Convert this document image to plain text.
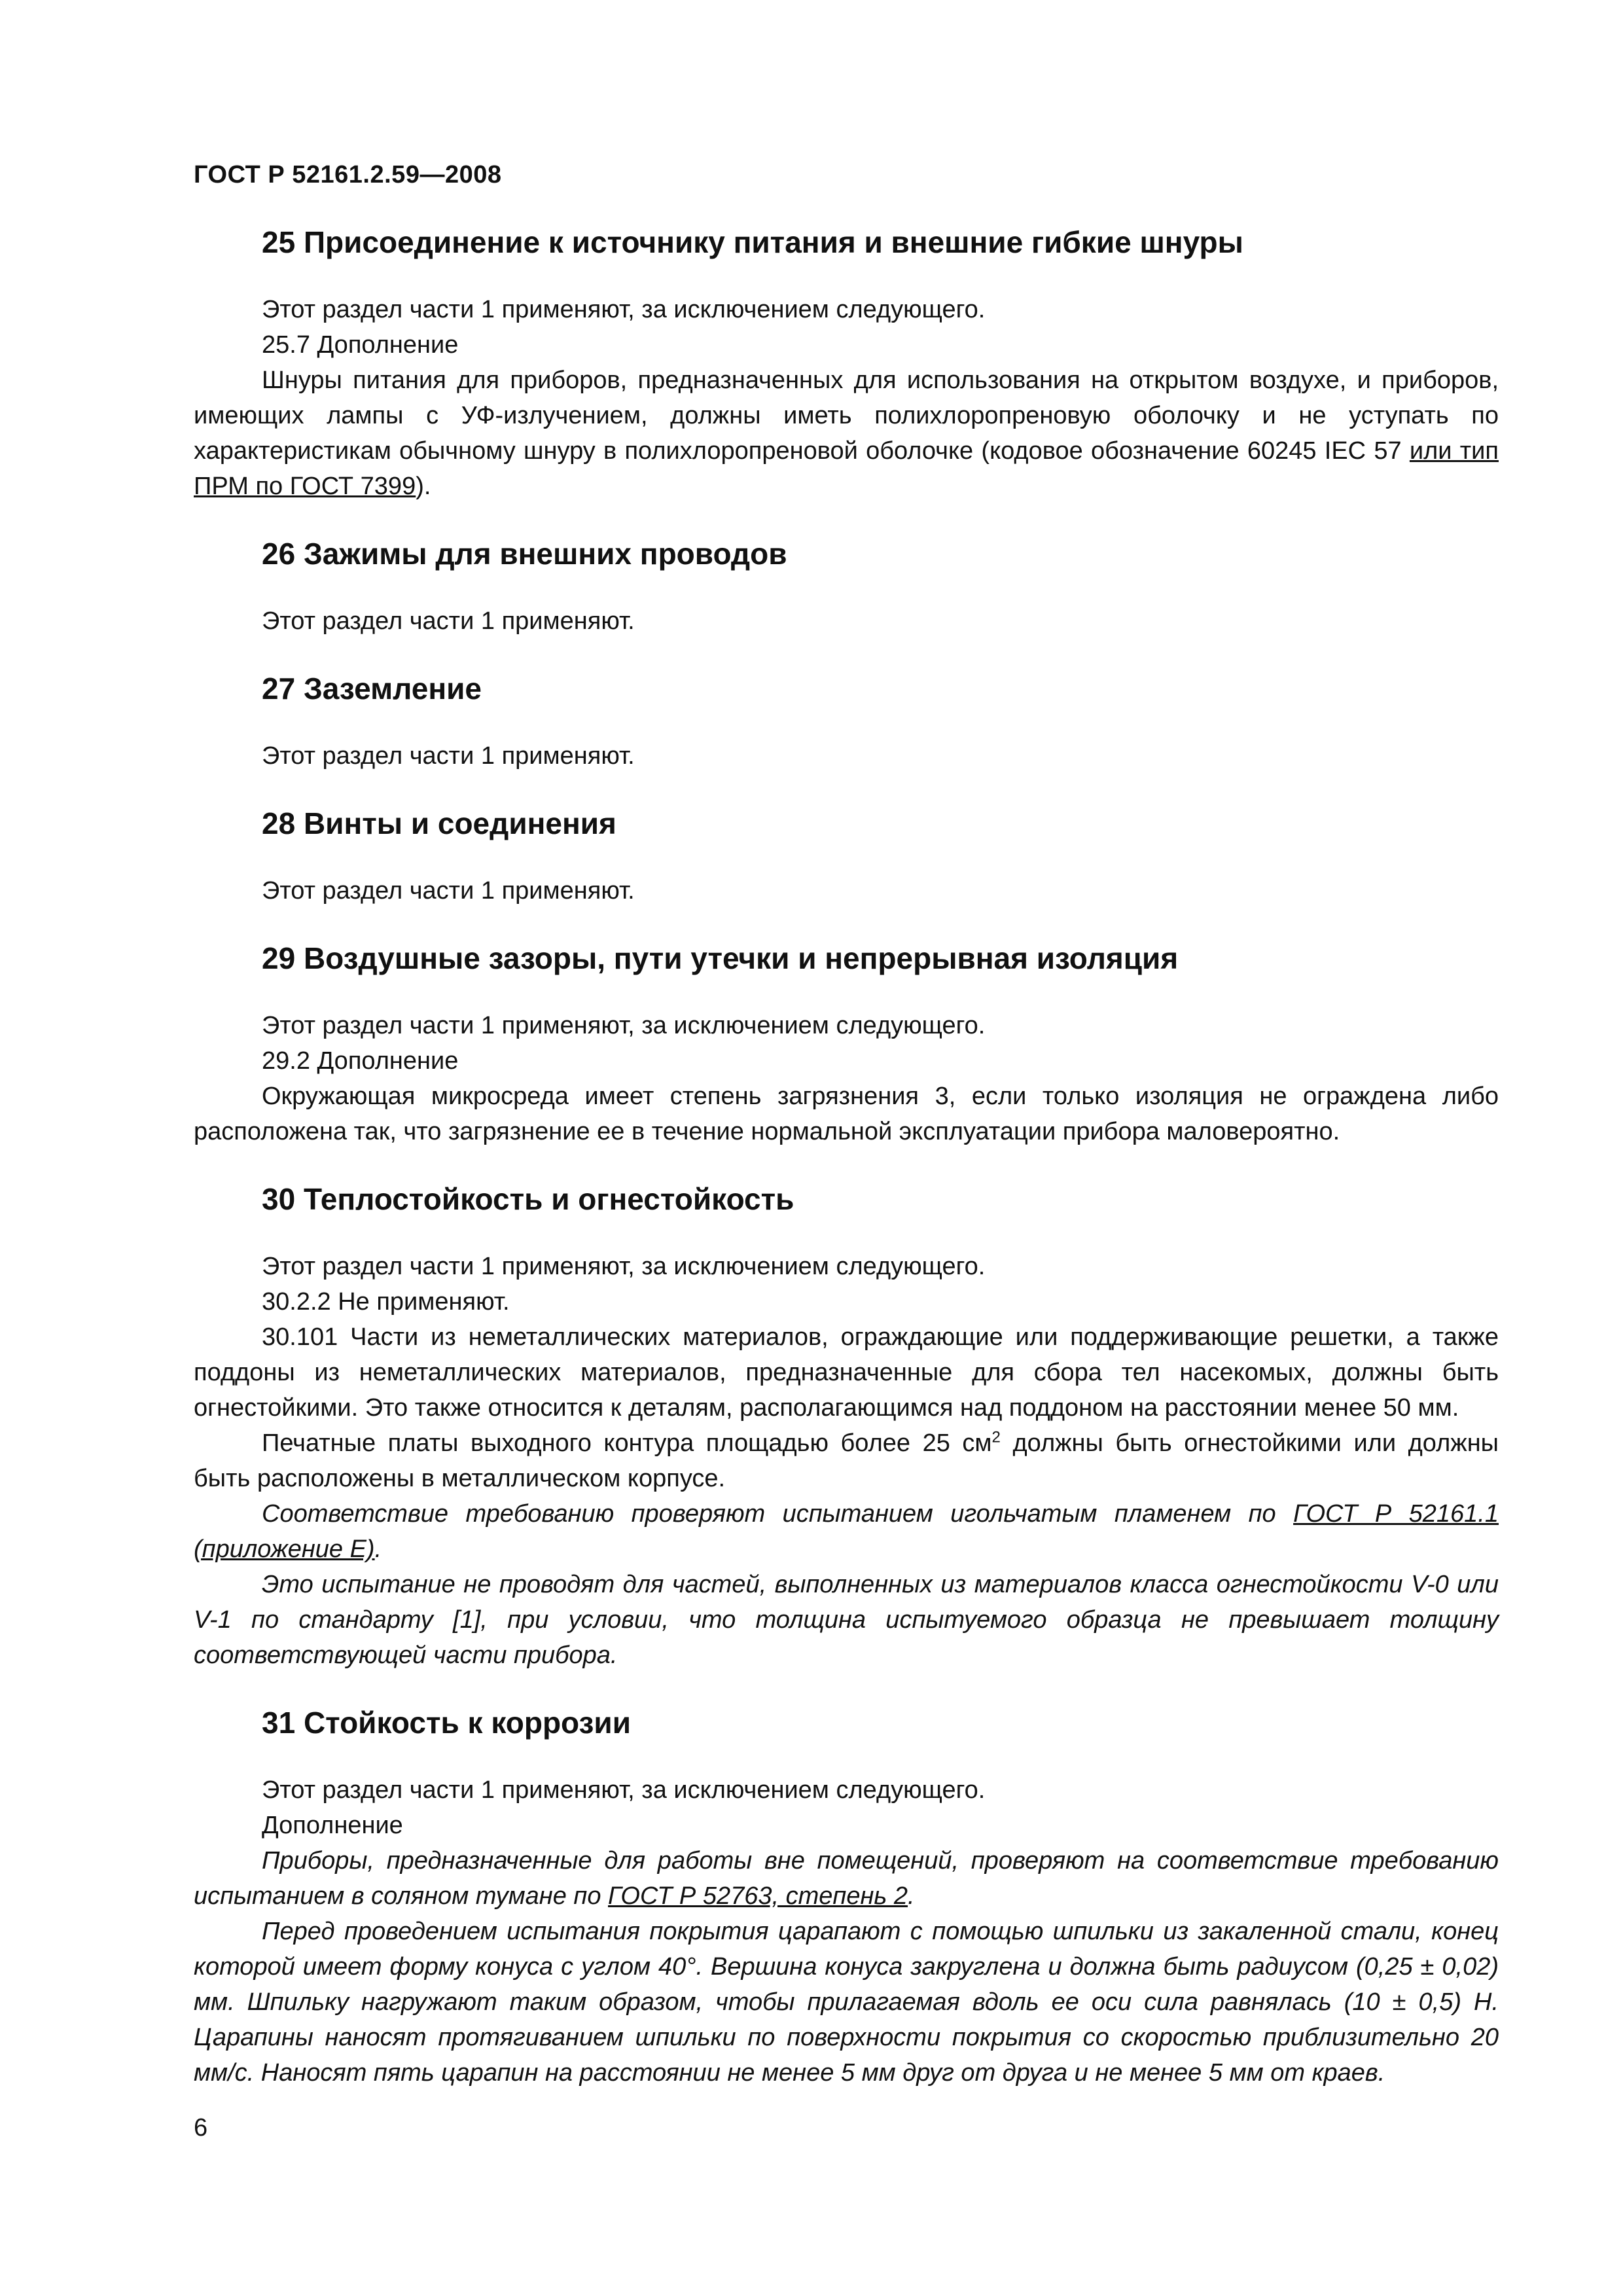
ГОСТ Р 52161.2.59—2008
25 Присоединение к источнику питания и внешние гибкие шнуры

Этот раздел части 1 применяют, за исключением следующего.

25.7 Дополнение

Шнуры питания для приборов, предназначенных для использования на открытом воздухе, и приборов, имеющих лампы с УФ-излучением, должны иметь полихлоропреновую оболочку и не уступать по характеристикам обычному шнуру в полихлоропреновой оболочке (кодовое обозначение 60245 IEC 57 или тип ПРМ по ГОСТ 7399).

26 Зажимы для внешних проводов

Этот раздел части 1 применяют.

27 Заземление

Этот раздел части 1 применяют.

28 Винты и соединения

Этот раздел части 1 применяют.

29 Воздушные зазоры, пути утечки и непрерывная изоляция

Этот раздел части 1 применяют, за исключением следующего.

29.2 Дополнение

Окружающая микросреда имеет степень загрязнения 3, если только изоляция не ограждена либо расположена так, что загрязнение ее в течение нормальной эксплуатации прибора маловероятно.

30 Теплостойкость и огнестойкость

Этот раздел части 1 применяют, за исключением следующего.

30.2.2 Не применяют.

30.101 Части из неметаллических материалов, ограждающие или поддерживающие решетки, а также поддоны из неметаллических материалов, предназначенные для сбора тел насекомых, должны быть огнестойкими. Это также относится к деталям, располагающимся над поддоном на расстоянии менее 50 мм.

Печатные платы выходного контура площадью более 25 $см^2$ должны быть огнестойкими или должны быть расположены в металлическом корпусе.

Соответствие требованию проверяют испытанием игольчатым пламенем по ГОСТ Р 52161.1 (приложение Е).

Это испытание не проводят для частей, выполненных из материалов класса огнестойкости V-0 или V-1 по стандарту [1], при условии, что толщина испытуемого образца не превышает толщину соответствующей части прибора.

31 Стойкость к коррозии

Этот раздел части 1 применяют, за исключением следующего.

Дополнение

Приборы, предназначенные для работы вне помещений, проверяют на соответствие требованию испытанием в соляном тумане по ГОСТ Р 52763, степень 2.

Перед проведением испытания покрытия царапают с помощью шпильки из закаленной стали, конец которой имеет форму конуса с углом 40°. Вершина конуса закруглена и должна быть радиусом (0,25 ± 0,02) мм. Шпильку нагружают таким образом, чтобы прилагаемая вдоль ее оси сила равнялась (10 ± 0,5) Н. Царапины наносят протягиванием шпильки по поверхности покрытия со скоростью приблизительно 20 мм/с. Наносят пять царапин на расстоянии не менее 5 мм друг от друга и не менее 5 мм от краев.

6
